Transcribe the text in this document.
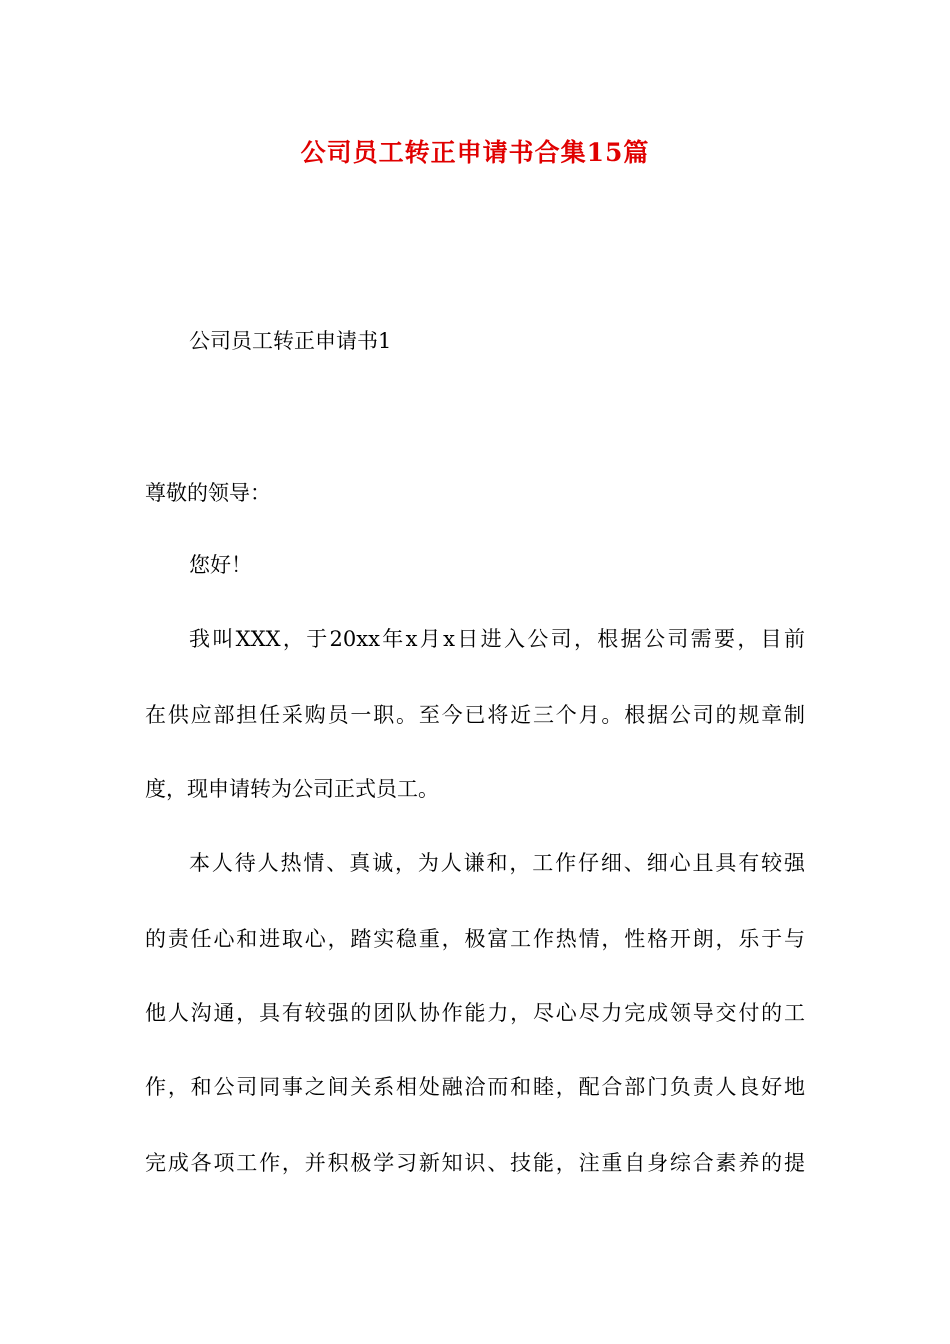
公司员工转正申请书合集15篇
公司员工转正申请书1
尊敬的领导：
您好！
我叫XXX，于20xx年x月x日进入公司，根据公司需要，目前
在供应部担任采购员一职。至今已将近三个月。根据公司的规章制
度，现申请转为公司正式员工。
本人待人热情、真诚，为人谦和，工作仔细、细心且具有较强
的责任心和进取心，踏实稳重，极富工作热情，性格开朗，乐于与
他人沟通，具有较强的团队协作能力，尽心尽力完成领导交付的工
作，和公司同事之间关系相处融洽而和睦，配合部门负责人良好地
完成各项工作，并积极学习新知识、技能，注重自身综合素养的提
